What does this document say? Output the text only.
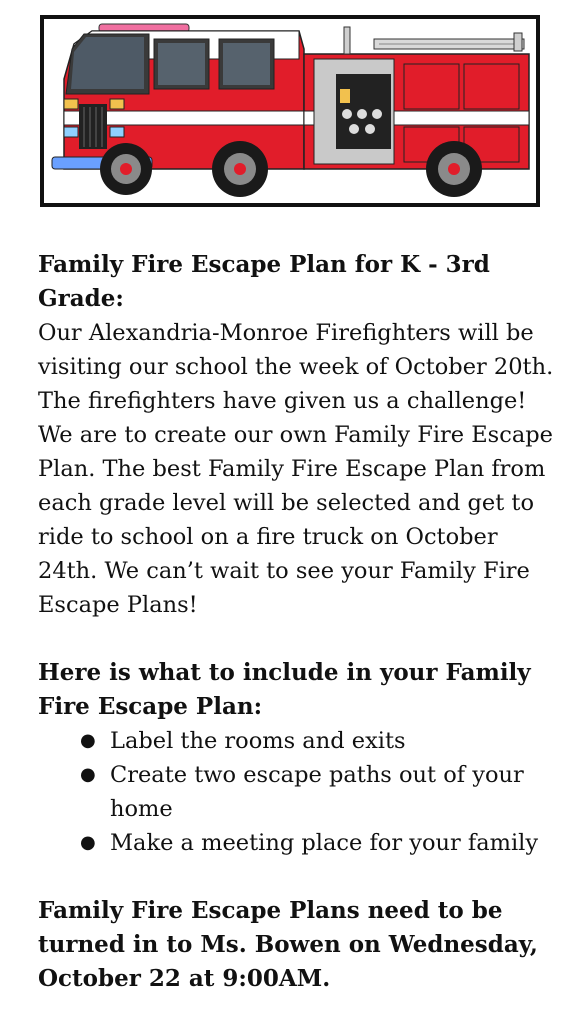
Family Fire Escape Plan for K - 3rd Grade:

Our Alexandria-Monroe Firefighters will be visiting our school the week of October 20th. The firefighters have given us a challenge! We are to create our own Family Fire Escape Plan. The best Family Fire Escape Plan from each grade level will be selected and get to ride to school on a fire truck on October 24th. We can’t wait to see your Family Fire Escape Plans!

Here is what to include in your Family Fire Escape Plan:

● Label the rooms and exits
● Create two escape paths out of your home
● Make a meeting place for your family

Family Fire Escape Plans need to be turned in to Ms. Bowen on Wednesday, October 22 at 9:00AM.
